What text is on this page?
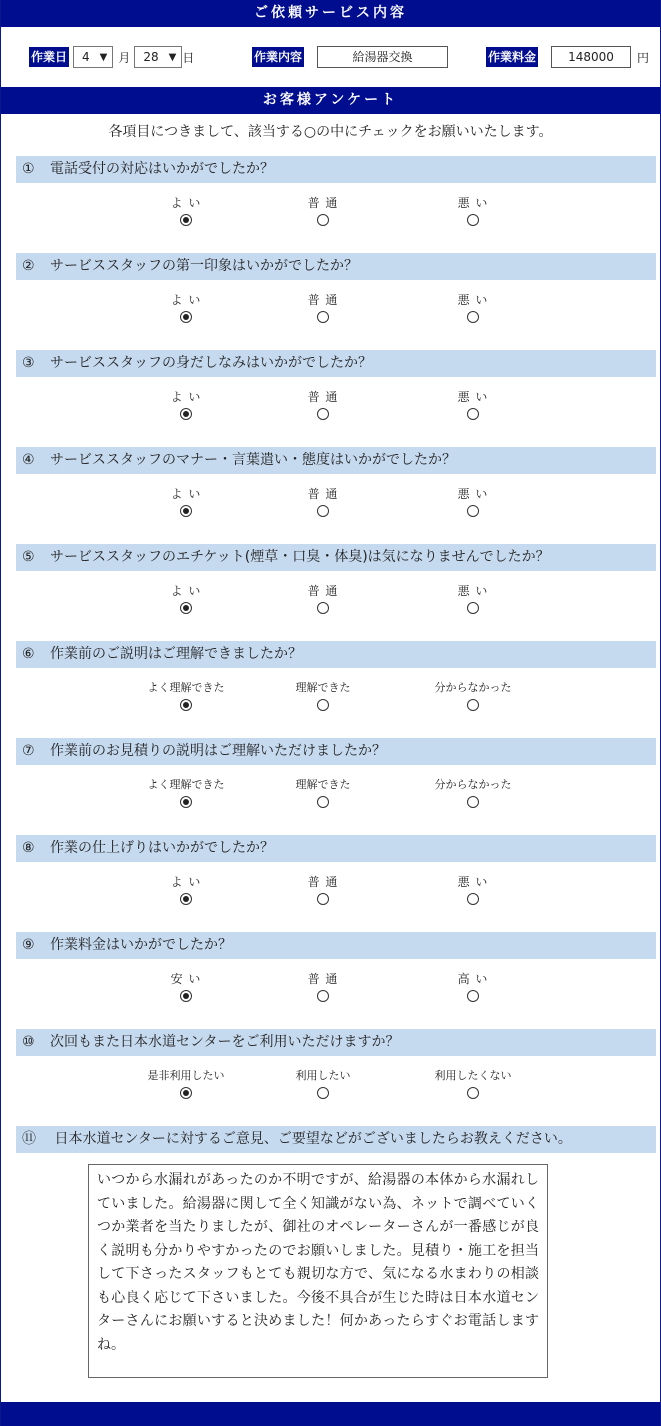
ご依頼サービス内容
作業日 4 ▼ 月 28 ▼ 日	作業内容	給湯器交換	作業料金	148000	円
お客様アンケート
各項目につきまして、該当する○の中にチェックをお願いいたします。
① 電話受付の対応はいかがでしたか？
よ い	普 通	悪 い
② サービススタッフの第一印象はいかがでしたか？
よ い	普 通	悪 い
③ サービススタッフの身だしなみはいかがでしたか？
よ い	普 通	悪 い
④ サービススタッフのマナー・言葉遣い・態度はいかがでしたか？
よ い	普 通	悪 い
⑤ サービススタッフのエチケット(煙草・口臭・体臭)は気になりませんでしたか？
よ い	普 通	悪 い
⑥ 作業前のご説明はご理解できましたか？
よく理解できた	理解できた	分からなかった
⑦ 作業前のお見積りの説明はご理解いただけましたか？
よく理解できた	理解できた	分からなかった
⑧ 作業の仕上げりはいかがでしたか？
よ い	普 通	悪 い
⑨ 作業料金はいかがでしたか？
安 い	普 通	高 い
⑩ 次回もまた日本水道センターをご利用いただけますか？
是非利用したい	利用したい	利用したくない
⑪ 日本水道センターに対するご意見、ご要望などがございましたらお教えください。
いつから水漏れがあったのか不明ですが、給湯器の本体から水漏れしていました。給湯器に関して全く知識がない為、ネットで調べていくつか業者を当たりましたが、御社のオペレーターさんが一番感じが良く説明も分かりやすかったのでお願いしました。見積り・施工を担当して下さったスタッフもとても親切な方で、気になる水まわりの相談も心良く応じて下さいました。今後不具合が生じた時は日本水道センターさんにお願いすると決めました！何かあったらすぐお電話しますね。
